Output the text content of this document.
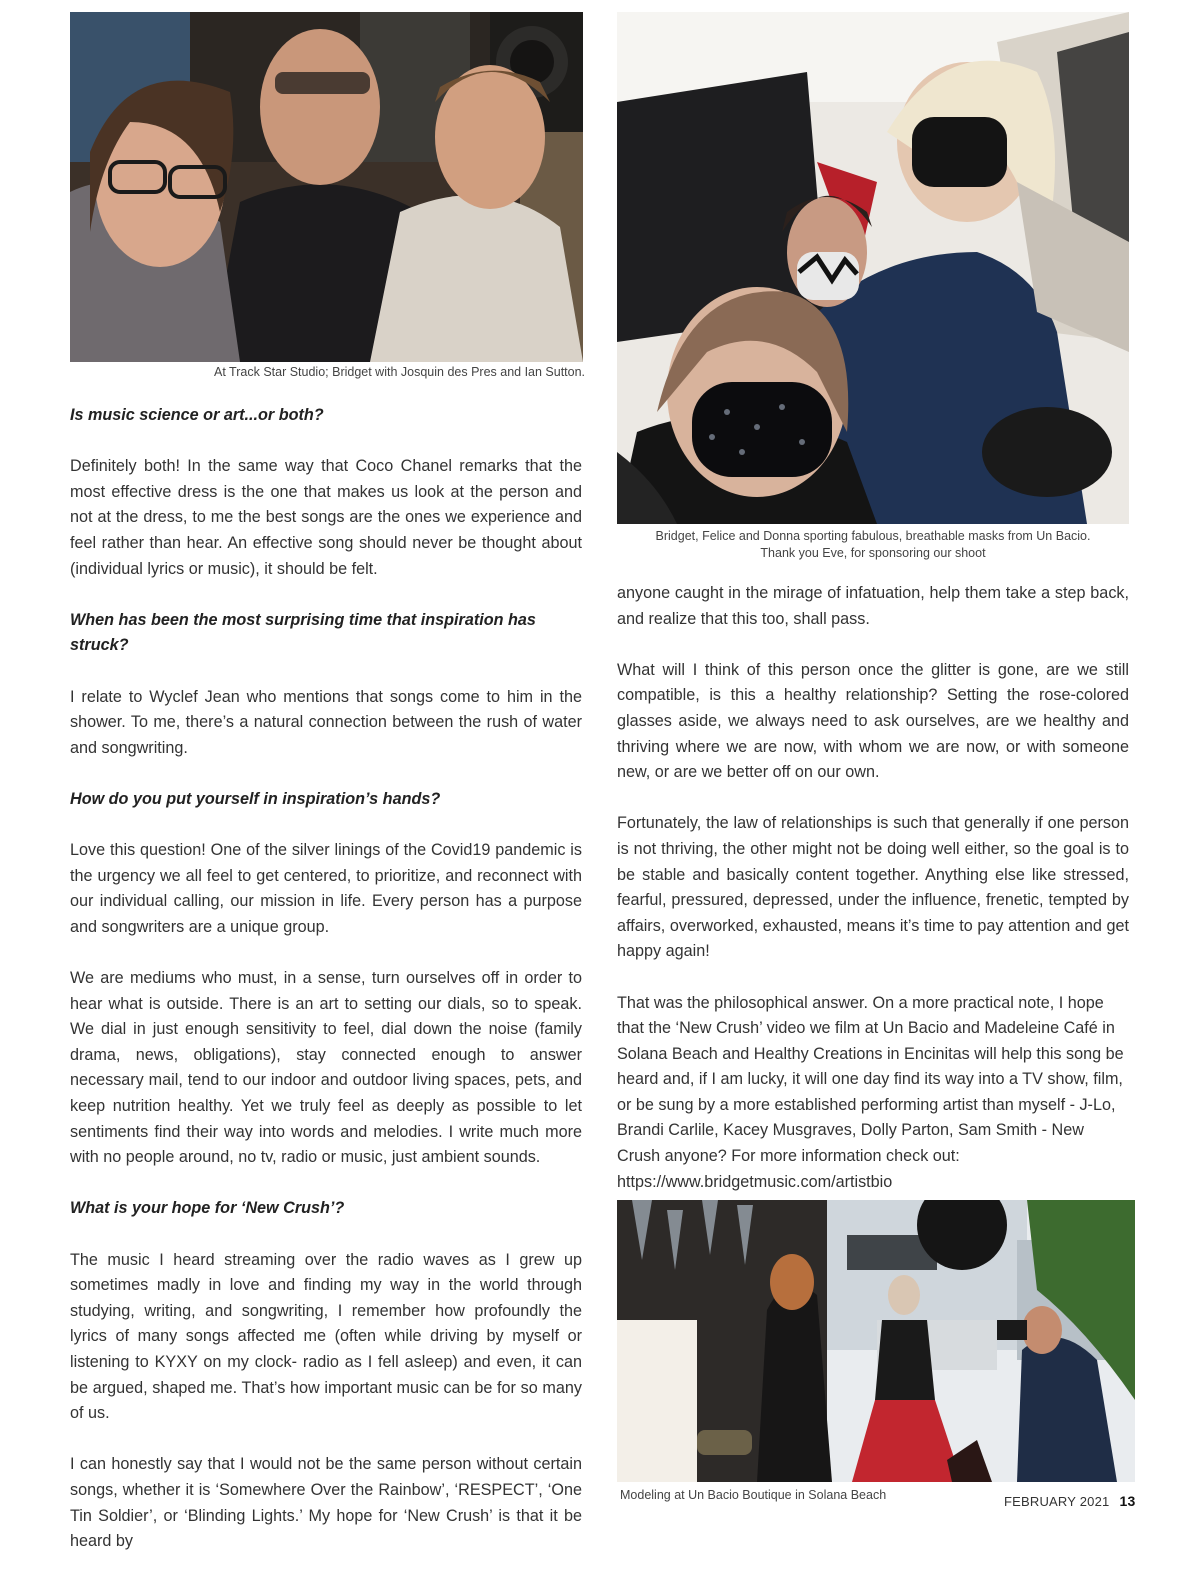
At Track Star Studio; Bridget with Josquin des Pres and Ian Sutton.
Bridget, Felice and Donna sporting fabulous, breathable masks from Un Bacio.
Thank you Eve, for sponsoring our shoot

Is music science or art...or both?

Definitely both! In the same way that Coco Chanel remarks that the most effective dress is the one that makes us look at the person and not at the dress, to me the best songs are the ones we experience and feel rather than hear. An effective song should never be thought about (individual lyrics or music), it should be felt.

When has been the most surprising time that inspiration has struck?

I relate to Wyclef Jean who mentions that songs come to him in the shower. To me, there’s a natural connection between the rush of water and songwriting.

How do you put yourself in inspiration’s hands?

Love this question! One of the silver linings of the Covid19 pandemic is the urgency we all feel to get centered, to prioritize, and reconnect with our individual calling, our mission in life. Every person has a purpose and songwriters are a unique group.

We are mediums who must, in a sense, turn ourselves off in order to hear what is outside. There is an art to setting our dials, so to speak. We dial in just enough sensitivity to feel, dial down the noise (family drama, news, obligations), stay connected enough to answer necessary mail, tend to our indoor and outdoor living spaces, pets, and keep nutrition healthy. Yet we truly feel as deeply as possible to let sentiments find their way into words and melodies. I write much more with no people around, no tv, radio or music, just ambient sounds.

What is your hope for ‘New Crush’?

The music I heard streaming over the radio waves as I grew up sometimes madly in love and finding my way in the world through studying, writing, and songwriting, I remember how profoundly the lyrics of many songs affected me (often while driving by myself or listening to KYXY on my clock- radio as I fell asleep) and even, it can be argued, shaped me. That’s how important music can be for so many of us.

I can honestly say that I would not be the same person without certain songs, whether it is ‘Somewhere Over the Rainbow’, ‘RESPECT’, ‘One Tin Soldier’, or ‘Blinding Lights.’ My hope for ‘New Crush’ is that it be heard by

anyone caught in the mirage of infatuation, help them take a step back, and realize that this too, shall pass.

What will I think of this person once the glitter is gone, are we still compatible, is this a healthy relationship? Setting the rose-colored glasses aside, we always need to ask ourselves, are we healthy and thriving where we are now, with whom we are now, or with someone new, or are we better off on our own.

Fortunately, the law of relationships is such that generally if one person is not thriving, the other might not be doing well either, so the goal is to be stable and basically content together. Anything else like stressed, fearful, pressured, depressed, under the influence, frenetic, tempted by affairs, overworked, exhausted, means it’s time to pay attention and get happy again!

That was the philosophical answer. On a more practical note, I hope that the ‘New Crush’ video we film at Un Bacio and Madeleine Café in Solana Beach and Healthy Creations in Encinitas will help this song be heard and, if I am lucky, it will one day find its way into a TV show, film, or be sung by a more established performing artist than myself - J-Lo, Brandi Carlile, Kacey Musgraves, Dolly Parton, Sam Smith - New Crush anyone? For more information check out: https://www.bridgetmusic.com/artistbio

Modeling at Un Bacio Boutique in Solana Beach	FEBRUARY 2021 13
